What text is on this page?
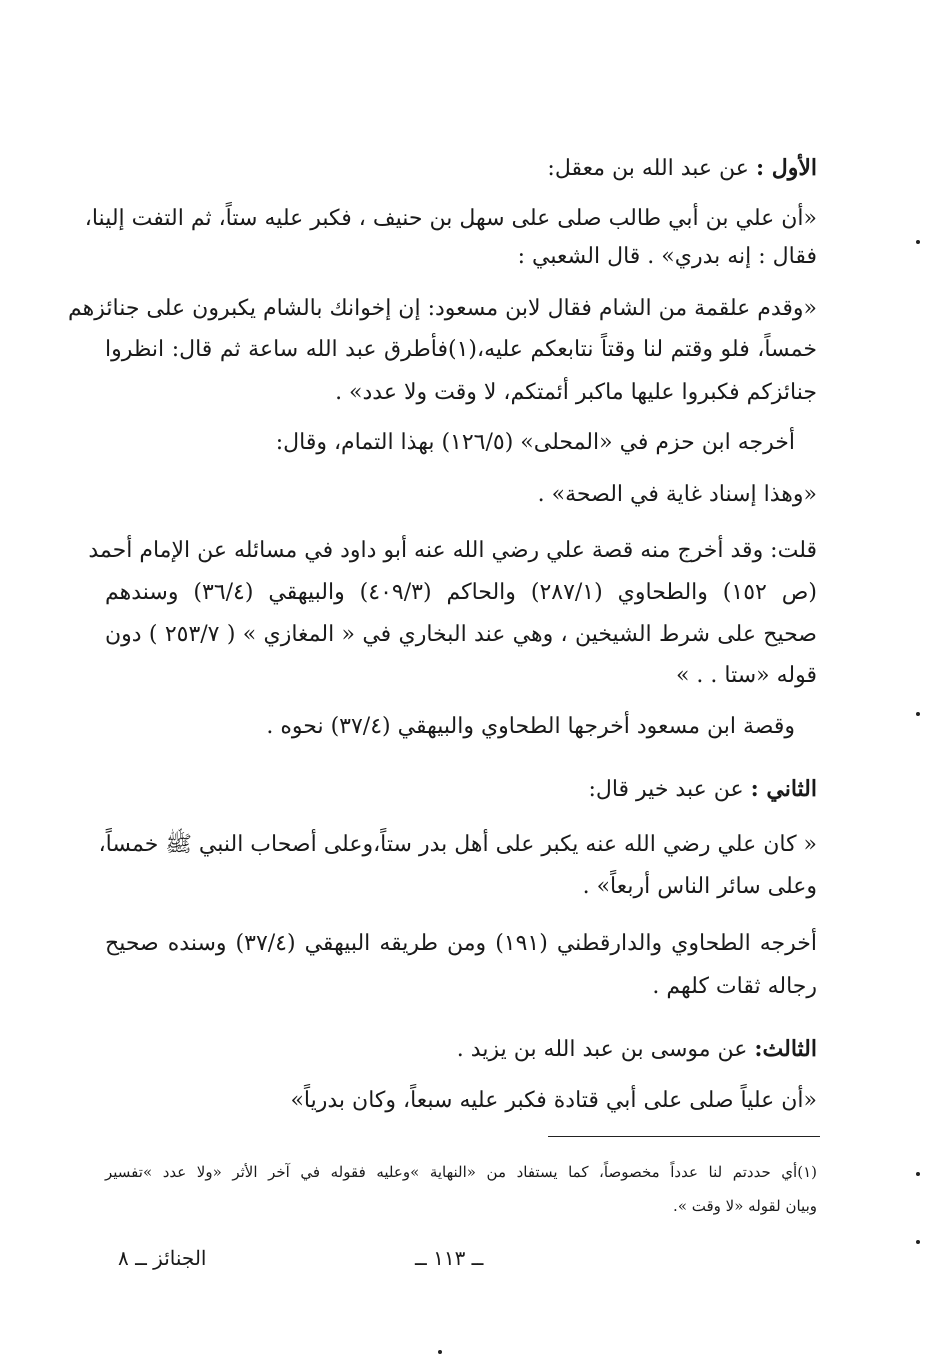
الأول : عن عبد الله بن معقل:
«أن علي بن أبي طالب صلى على سهل بن حنيف ، فكبر عليه ستاً، ثم التفت إلينا،
فقال : إنه بدري» . قال الشعبي :
«وقدم علقمة من الشام فقال لابن مسعود: إن إخوانك بالشام يكبرون على جنائزهم
خمساً، فلو وقتم لنا وقتاً نتابعكم عليه،(١)فأطرق عبد الله ساعة ثم قال: انظروا
جنائزكم فكبروا عليها ماكبر أئمتكم، لا وقت ولا عدد» .
أخرجه ابن حزم في «المحلى» (١٢٦/٥) بهذا التمام، وقال:
«وهذا إسناد غاية في الصحة» .
قلت: وقد أخرج منه قصة علي رضي الله عنه أبو داود في مسائله عن الإمام أحمد
(ص ١٥٢) والطحاوي (٢٨٧/١) والحاكم (٤٠٩/٣) والبيهقي (٣٦/٤) وسندهم
صحيح على شرط الشيخين ، وهي عند البخاري في « المغازي » ( ٢٥٣/٧ ) دون
قوله «ستا . . »
وقصة ابن مسعود أخرجها الطحاوي والبيهقي (٣٧/٤) نحوه .
الثاني : عن عبد خير قال:
« كان علي رضي الله عنه يكبر على أهل بدر ستاً،وعلى أصحاب النبي ﷺ خمساً،
وعلى سائر الناس أربعاً» .
أخرجه الطحاوي والدارقطني (١٩١) ومن طريقه البيهقي (٣٧/٤) وسنده صحيح
رجاله ثقات كلهم .
الثالث: عن موسى بن عبد الله بن يزيد .
«أن علياً صلى على أبي قتادة فكبر عليه سبعاً، وكان بدرياً»
(١)أي حددتم لنا عدداً مخصوصاً، كما يستفاد من «النهاية »وعليه فقوله في آخر الأثر «ولا عدد »تفسير
وبيان لقوله «لا وقت ».
ــ ١١٣ ــ
الجنائز ــ ٨
